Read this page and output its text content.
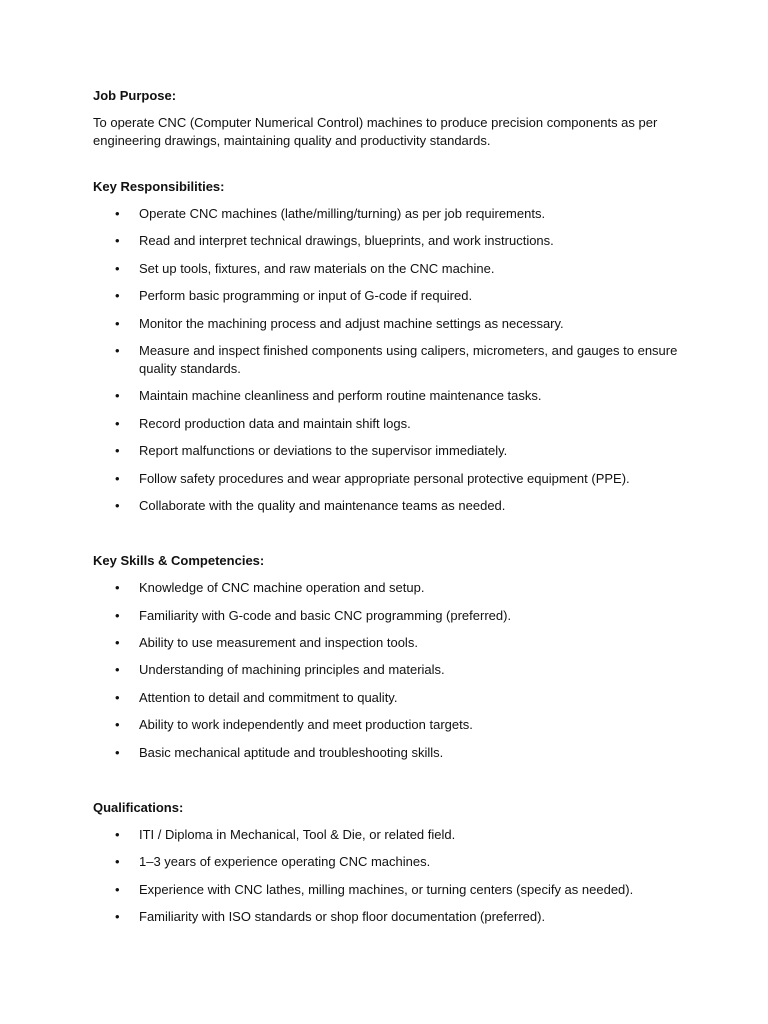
Job Purpose:

To operate CNC (Computer Numerical Control) machines to produce precision components as per engineering drawings, maintaining quality and productivity standards.

Key Responsibilities:

• Operate CNC machines (lathe/milling/turning) as per job requirements.
• Read and interpret technical drawings, blueprints, and work instructions.
• Set up tools, fixtures, and raw materials on the CNC machine.
• Perform basic programming or input of G-code if required.
• Monitor the machining process and adjust machine settings as necessary.
• Measure and inspect finished components using calipers, micrometers, and gauges to ensure quality standards.
• Maintain machine cleanliness and perform routine maintenance tasks.
• Record production data and maintain shift logs.
• Report malfunctions or deviations to the supervisor immediately.
• Follow safety procedures and wear appropriate personal protective equipment (PPE).
• Collaborate with the quality and maintenance teams as needed.

Key Skills & Competencies:

• Knowledge of CNC machine operation and setup.
• Familiarity with G-code and basic CNC programming (preferred).
• Ability to use measurement and inspection tools.
• Understanding of machining principles and materials.
• Attention to detail and commitment to quality.
• Ability to work independently and meet production targets.
• Basic mechanical aptitude and troubleshooting skills.

Qualifications:

• ITI / Diploma in Mechanical, Tool & Die, or related field.
• 1–3 years of experience operating CNC machines.
• Experience with CNC lathes, milling machines, or turning centers (specify as needed).
• Familiarity with ISO standards or shop floor documentation (preferred).
